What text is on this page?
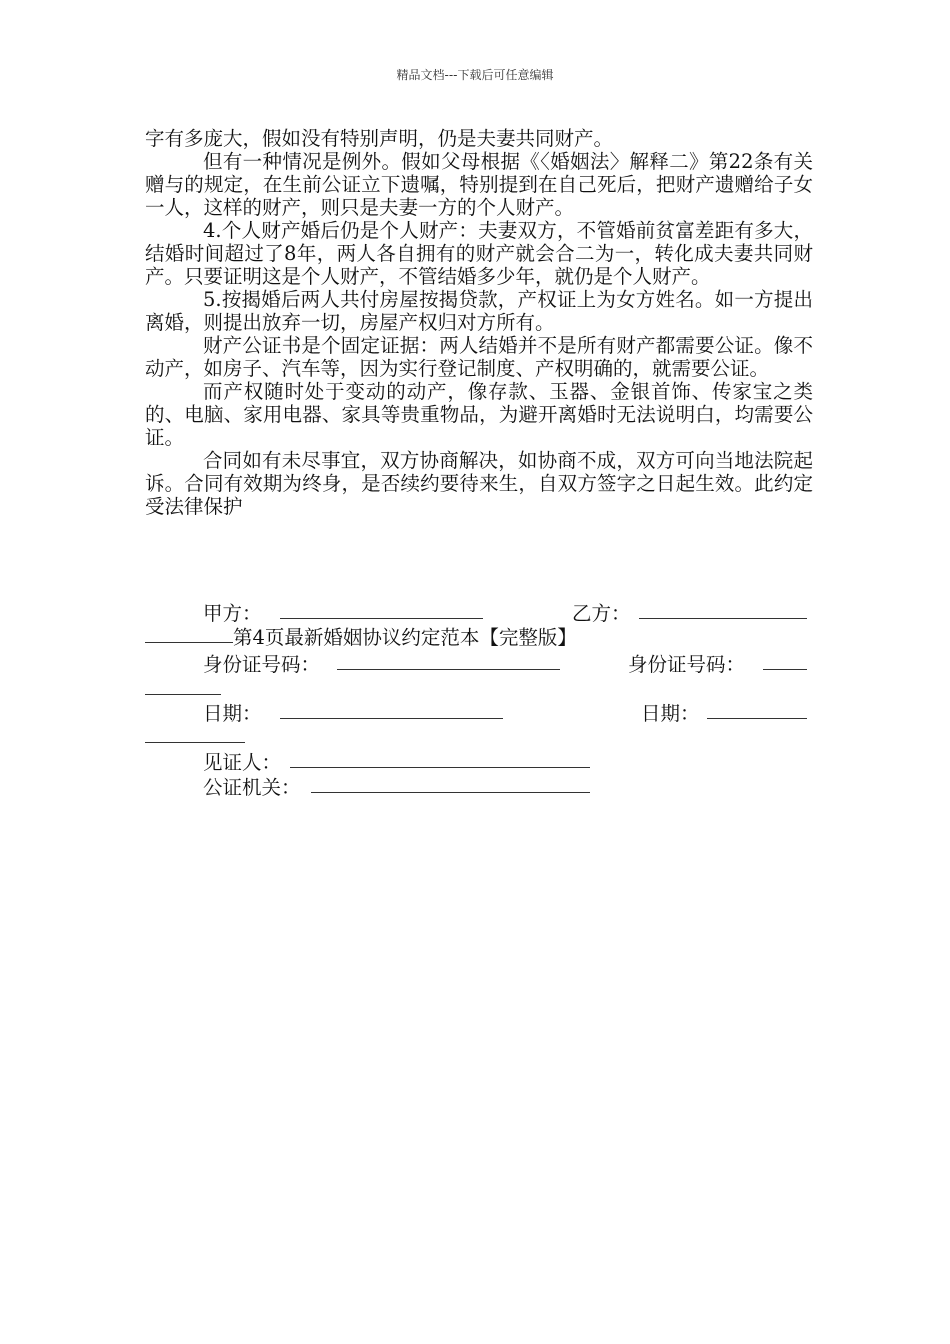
精品文档---下载后可任意编辑

字有多庞大，假如没有特别声明，仍是夫妻共同财产。

但有一种情况是例外。假如父母根据《〈婚姻法〉解释二》第22条有关赠与的规定，在生前公证立下遗嘱，特别提到在自己死后，把财产遗赠给子女一人，这样的财产，则只是夫妻一方的个人财产。

4.个人财产婚后仍是个人财产：夫妻双方，不管婚前贫富差距有多大，结婚时间超过了8年，两人各自拥有的财产就会合二为一，转化成夫妻共同财产。只要证明这是个人财产，不管结婚多少年，就仍是个人财产。

5.按揭婚后两人共付房屋按揭贷款，产权证上为女方姓名。如一方提出离婚，则提出放弃一切，房屋产权归对方所有。

财产公证书是个固定证据：两人结婚并不是所有财产都需要公证。像不动产，如房子、汽车等，因为实行登记制度、产权明确的，就需要公证。

而产权随时处于变动的动产，像存款、玉器、金银首饰、传家宝之类的、电脑、家用电器、家具等贵重物品，为避开离婚时无法说明白，均需要公证。

合同如有未尽事宜，双方协商解决，如协商不成，双方可向当地法院起诉。合同有效期为终身，是否续约要待来生，自双方签字之日起生效。此约定受法律保护

甲方：	乙方：
第4页最新婚姻协议约定范本【完整版】
身份证号码：	身份证号码：
日期：	日期：
见证人：
公证机关：
